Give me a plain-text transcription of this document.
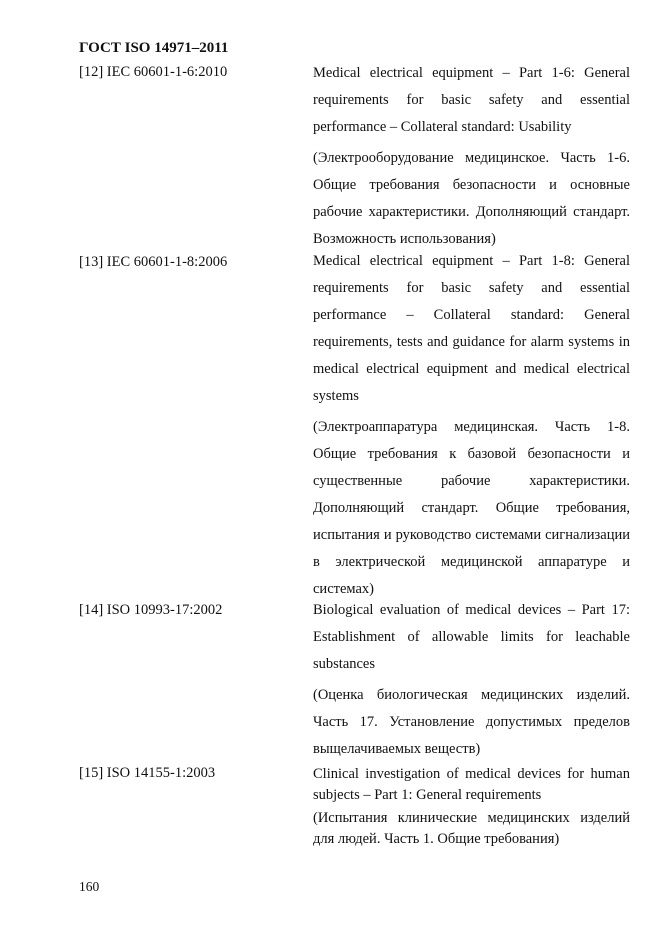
ГОСТ ISO 14971–2011
[12] IEC 60601-1-6:2010	Medical electrical equipment – Part 1-6: General requirements for basic safety and essential performance – Collateral standard: Usability

(Электрооборудование медицинское. Часть 1-6. Общие требования безопасности и основные рабочие характеристики. Дополняющий стандарт. Возможность использования)

[13] IEC 60601-1-8:2006	Medical electrical equipment – Part 1-8: General requirements for basic safety and essential performance – Collateral standard: General requirements, tests and guidance for alarm systems in medical electrical equipment and medical electrical systems

(Электроаппаратура медицинская. Часть 1-8. Общие требования к базовой безопасности и существенные рабочие характеристики. Дополняющий стандарт. Общие требования, испытания и руководство системами сигнализации в электрической медицинской аппаратуре и системах)

[14] ISO 10993-17:2002	Biological evaluation of medical devices – Part 17: Establishment of allowable limits for leachable substances

(Оценка биологическая медицинских изделий. Часть 17. Установление допустимых пределов выщелачиваемых веществ)

[15] ISO 14155-1:2003	Clinical investigation of medical devices for human subjects – Part 1: General requirements

(Испытания клинические медицинских изделий для людей. Часть 1. Общие требования)

160
